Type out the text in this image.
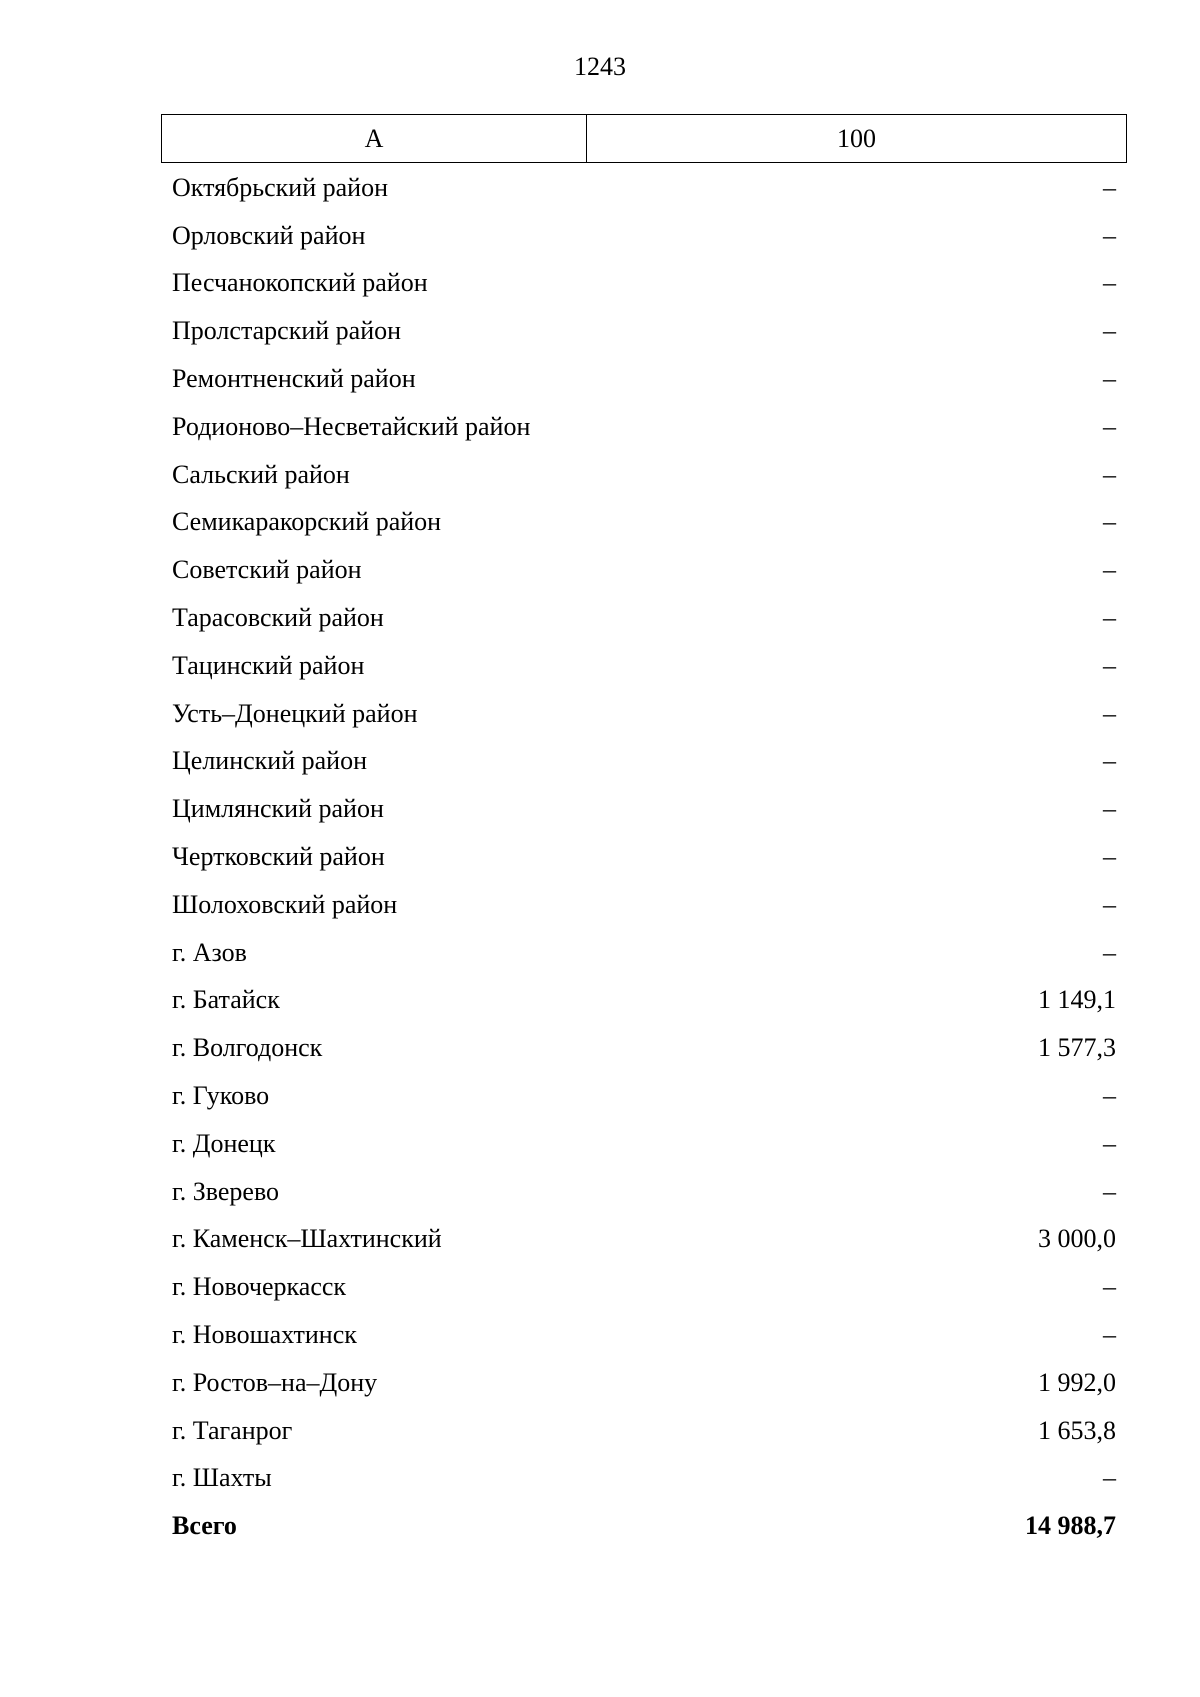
1243
А	100
Октябрьский район	–
Орловский район	–
Песчанокопский район	–
Пролстарский район	–
Ремонтненский район	–
Родионово–Несветайский район	–
Сальский район	–
Семикаракорский район	–
Советский район	–
Тарасовский район	–
Тацинский район	–
Усть–Донецкий район	–
Целинский район	–
Цимлянский район	–
Чертковский район	–
Шолоховский район	–
г. Азов	–
г. Батайск	1 149,1
г. Волгодонск	1 577,3
г. Гуково	–
г. Донецк	–
г. Зверево	–
г. Каменск–Шахтинский	3 000,0
г. Новочеркасск	–
г. Новошахтинск	–
г. Ростов–на–Дону	1 992,0
г. Таганрог	1 653,8
г. Шахты	–
Всего	14 988,7
